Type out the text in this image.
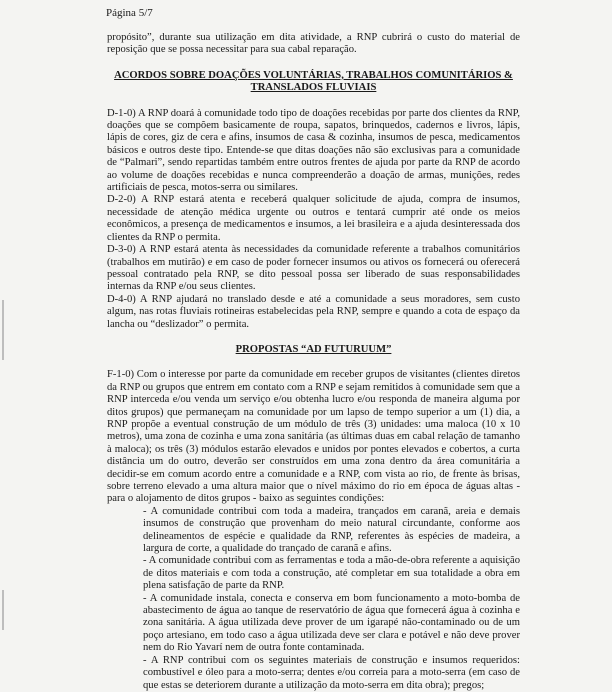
Página 5/7

propósito”, durante sua utilização em dita atividade, a RNP cubrirá o custo do material de reposição que se possa necessitar para sua cabal reparação.

ACORDOS SOBRE DOAÇÕES VOLUNTÁRIAS, TRABALHOS COMUNITÁRIOS &
TRANSLADOS FLUVIAIS

D-1-0) A RNP doará à comunidade todo tipo de doações recebidas por parte dos clientes da RNP, doações que se compõem basicamente de roupa, sapatos, brinquedos, cadernos e livros, lápis, lápis de cores, giz de cera e afins, insumos de casa & cozinha, insumos de pesca, medicamentos básicos e outros deste tipo. Entende-se que ditas doações não são exclusivas para a comunidade de “Palmari”, sendo repartidas também entre outros frentes de ajuda por parte da RNP de acordo ao volume de doações recebidas e nunca compreenderão a doação de armas, munições, redes artificiais de pesca, motos-serra ou similares.

D-2-0) A RNP estará atenta e receberá qualquer solicitude de ajuda, compra de insumos, necessidade de atenção médica urgente ou outros e tentará cumprir até onde os meios econômicos, a presença de medicamentos e insumos, a lei brasileira e a ajuda desinteressada dos clientes da RNP o permita.

D-3-0) A RNP estará atenta às necessidades da comunidade referente a trabalhos comunitários (trabalhos em mutirão) e em caso de poder fornecer insumos ou ativos os fornecerá ou oferecerá pessoal contratado pela RNP, se dito pessoal possa ser liberado de suas responsabilidades internas da RNP e/ou seus clientes.

D-4-0) A RNP ajudará no translado desde e até a comunidade a seus moradores, sem custo algum, nas rotas fluviais rotineiras estabelecidas pela RNP, sempre e quando a cota de espaço da lancha ou “deslizador” o permita.

PROPOSTAS “AD FUTURUUM”

F-1-0) Com o interesse por parte da comunidade em receber grupos de visitantes (clientes diretos da RNP ou grupos que entrem em contato com a RNP e sejam remitidos à comunidade sem que a RNP interceda e/ou venda um serviço e/ou obtenha lucro e/ou responda de maneira alguma por ditos grupos) que permaneçam na comunidade por um lapso de tempo superior a um (1) dia, a RNP propõe a eventual construção de um módulo de três (3) unidades: uma maloca (10 x 10 metros), uma zona de cozinha e uma zona sanitária (as últimas duas em cabal relação de tamanho à maloca); os três (3) módulos estarão elevados e unidos por pontes elevados e cobertos, a curta distância um do outro, deverão ser construídos em uma zona dentro da área comunitária a decidir-se em comum acordo entre a comunidade e a RNP, com vista ao rio, de frente às brisas, sobre terreno elevado a uma altura maior que o nível máximo do rio em época de águas altas - para o alojamento de ditos grupos - baixo as seguintes condições:

- A comunidade contribui com toda a madeira, trançados em caranã, areia e demais insumos de construção que provenham do meio natural circundante, conforme aos delineamentos de espécie e qualidade da RNP, referentes às espécies de madeira, a largura de corte, a qualidade do trançado de caranã e afins.

- A comunidade contribui com as ferramentas e toda a mão-de-obra referente a aquisição de ditos materiais e com toda a construção, até completar em sua totalidade a obra em plena satisfação de parte da RNP.

- A comunidade instala, conecta e conserva em bom funcionamento a moto-bomba de abastecimento de água ao tanque de reservatório de água que fornecerá água à cozinha e zona sanitária. A água utilizada deve prover de um igarapé não-contaminado ou de um poço artesiano, em todo caso a água utilizada deve ser clara e potável e não deve prover nem do Rio Yavarí nem de outra fonte contaminada.

- A RNP contribui com os seguintes materiais de construção e insumos requeridos: combustível e óleo para a moto-serra; dentes e/ou correia para a moto-serra (em caso de que estas se deteriorem durante a utilização da moto-serra em dita obra); pregos;
